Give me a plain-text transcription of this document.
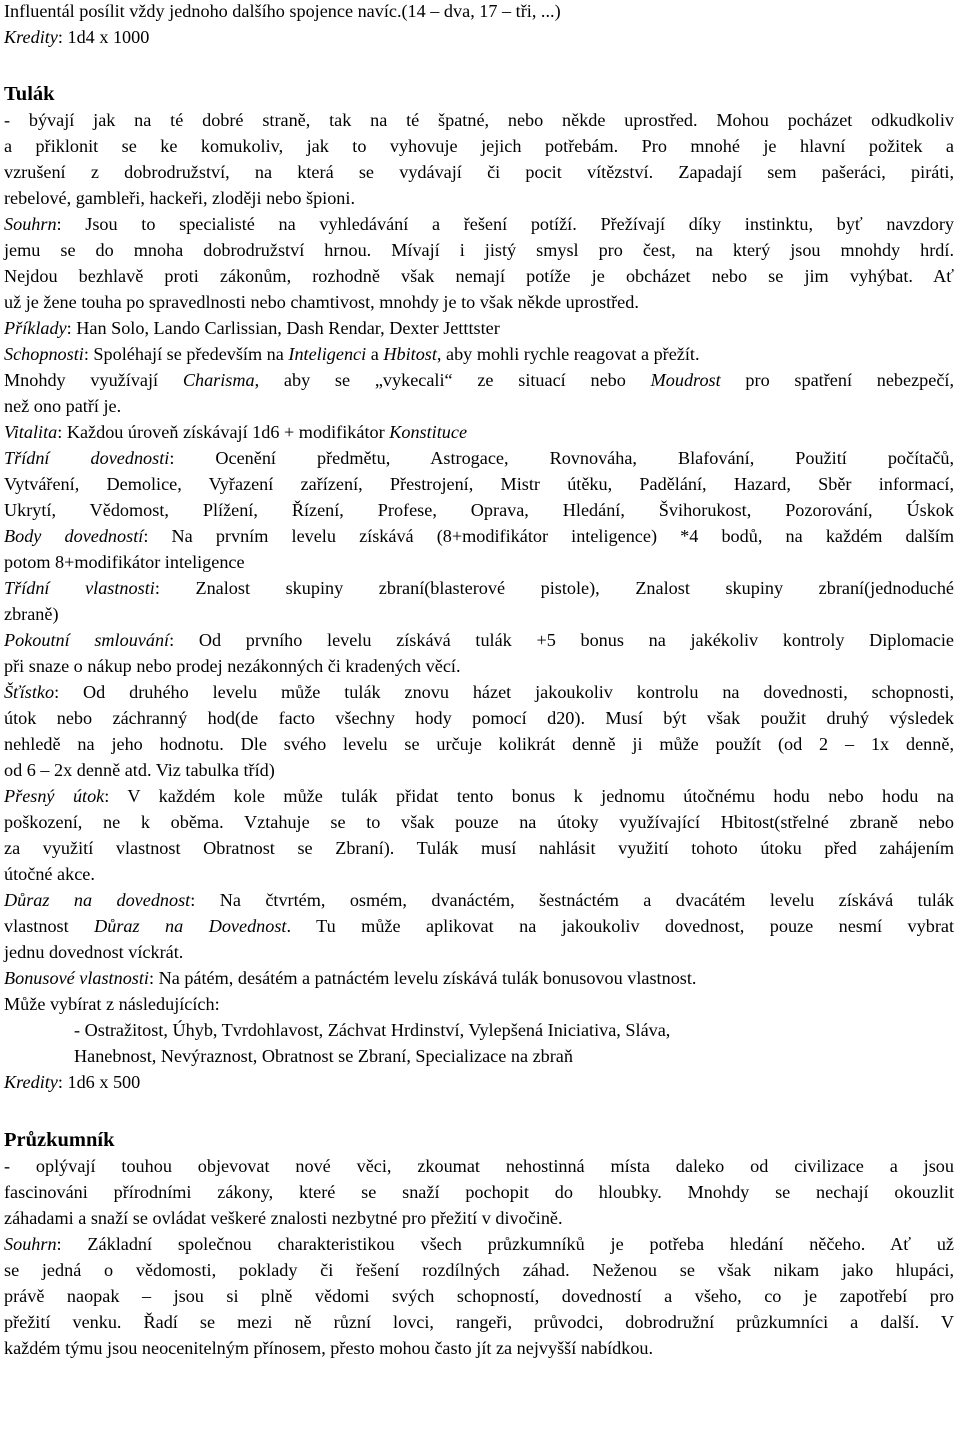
Influentál posílit vždy jednoho dalšího spojence navíc.(14 – dva, 17 – tři, ...)
Kredity: 1d4 x 1000
Tulák
- bývají jak na té dobré straně, tak na té špatné, nebo někde uprostřed. Mohou pocházet odkudkoliv
a přiklonit se ke komukoliv, jak to vyhovuje jejich potřebám. Pro mnohé je hlavní požitek a
vzrušení z dobrodružství, na která se vydávají či pocit vítězství. Zapadají sem pašeráci, piráti,
rebelové, gambleři, hackeři, zloději nebo špioni.
Souhrn: Jsou to specialisté na vyhledávání a řešení potíží. Přežívají díky instinktu, byť navzdory
jemu se do mnoha dobrodružství hrnou. Mívají i jistý smysl pro čest, na který jsou mnohdy hrdí.
Nejdou bezhlavě proti zákonům, rozhodně však nemají potíže je obcházet nebo se jim vyhýbat. Ať
už je žene touha po spravedlnosti nebo chamtivost, mnohdy je to však někde uprostřed.
Příklady: Han Solo, Lando Carlissian, Dash Rendar, Dexter Jetttster
Schopnosti: Spoléhají se především na Inteligenci a Hbitost, aby mohli rychle reagovat a přežít.
Mnohdy využívají Charisma, aby se „vykecali“ ze situací nebo Moudrost pro spatření nebezpečí,
než ono patří je.
Vitalita: Každou úroveň získávají 1d6 + modifikátor Konstituce
Třídní dovednosti: Ocenění předmětu, Astrogace, Rovnováha, Blafování, Použití počítačů,
Vytváření, Demolice, Vyřazení zařízení, Přestrojení, Mistr útěku, Padělání, Hazard, Sběr informací,
Ukrytí, Vědomost, Plížení, Řízení, Profese, Oprava, Hledání, Švihorukost, Pozorování, Úskok
Body dovedností: Na prvním levelu získává (8+modifikátor inteligence) *4 bodů, na každém dalším
potom 8+modifikátor inteligence
Třídní vlastnosti: Znalost skupiny zbraní(blasterové pistole), Znalost skupiny zbraní(jednoduché
zbraně)
Pokoutní smlouvání: Od prvního levelu získává tulák +5 bonus na jakékoliv kontroly Diplomacie
při snaze o nákup nebo prodej nezákonných či kradených věcí.
Šťístko: Od druhého levelu může tulák znovu házet jakoukoliv kontrolu na dovednosti, schopnosti,
útok nebo záchranný hod(de facto všechny hody pomocí d20). Musí být však použit druhý výsledek
nehledě na jeho hodnotu. Dle svého levelu se určuje kolikrát denně ji může použít (od 2 – 1x denně,
od 6 – 2x denně atd. Viz tabulka tříd)
Přesný útok: V každém kole může tulák přidat tento bonus k jednomu útočnému hodu nebo hodu na
poškození, ne k oběma. Vztahuje se to však pouze na útoky využívající Hbitost(střelné zbraně nebo
za využití vlastnost Obratnost se Zbraní). Tulák musí nahlásit využití tohoto útoku před zahájením
útočné akce.
Důraz na dovednost: Na čtvrtém, osmém, dvanáctém, šestnáctém a dvacátém levelu získává tulák
vlastnost Důraz na Dovednost. Tu může aplikovat na jakoukoliv dovednost, pouze nesmí vybrat
jednu dovednost víckrát.
Bonusové vlastnosti: Na pátém, desátém a patnáctém levelu získává tulák bonusovou vlastnost.
Může vybírat z následujících:
- Ostražitost, Úhyb, Tvrdohlavost, Záchvat Hrdinství, Vylepšená Iniciativa, Sláva,
Hanebnost, Nevýraznost, Obratnost se Zbraní, Specializace na zbraň
Kredity: 1d6 x 500
Průzkumník
- oplývají touhou objevovat nové věci, zkoumat nehostinná místa daleko od civilizace a jsou
fascinováni přírodními zákony, které se snaží pochopit do hloubky. Mnohdy se nechají okouzlit
záhadami a snaží se ovládat veškeré znalosti nezbytné pro přežití v divočině.
Souhrn: Základní společnou charakteristikou všech průzkumníků je potřeba hledání něčeho. Ať už
se jedná o vědomosti, poklady či řešení rozdílných záhad. Neženou se však nikam jako hlupáci,
právě naopak – jsou si plně vědomi svých schopností, dovedností a všeho, co je zapotřebí pro
přežití venku. Řadí se mezi ně různí lovci, rangeři, průvodci, dobrodružní průzkumníci a další. V
každém týmu jsou neocenitelným přínosem, přesto mohou často jít za nejvyšší nabídkou.
